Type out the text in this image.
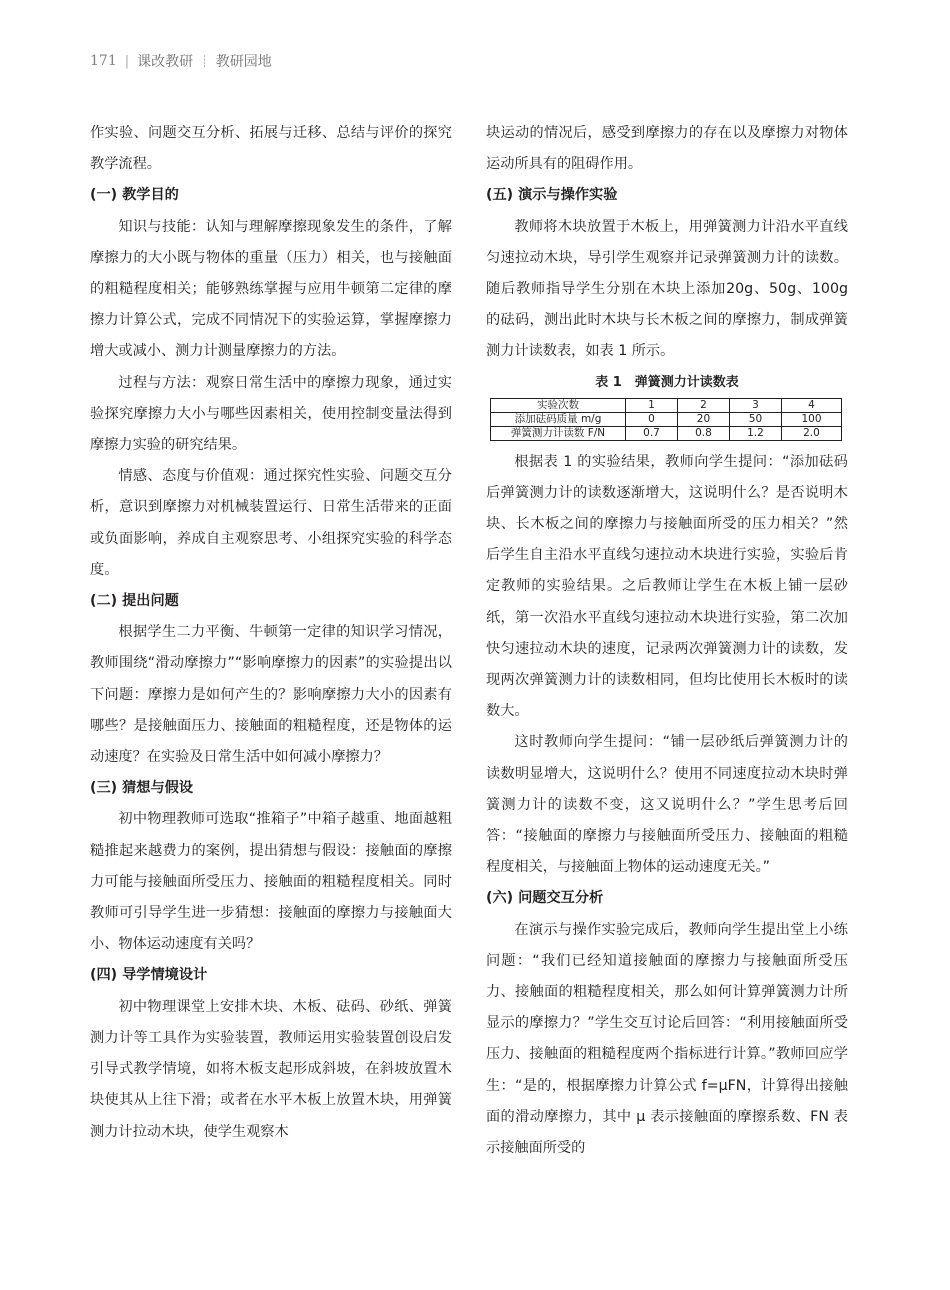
171 | 课改教研 ┊ 教研园地

作实验、问题交互分析、拓展与迁移、总结与评价的探究教学流程。

(一) 教学目的

知识与技能：认知与理解摩擦现象发生的条件，了解摩擦力的大小既与物体的重量（压力）相关，也与接触面的粗糙程度相关；能够熟练掌握与应用牛顿第二定律的摩擦力计算公式，完成不同情况下的实验运算，掌握摩擦力增大或减小、测力计测量摩擦力的方法。

过程与方法：观察日常生活中的摩擦力现象，通过实验探究摩擦力大小与哪些因素相关，使用控制变量法得到摩擦力实验的研究结果。

情感、态度与价值观：通过探究性实验、问题交互分析，意识到摩擦力对机械装置运行、日常生活带来的正面或负面影响，养成自主观察思考、小组探究实验的科学态度。

(二) 提出问题

根据学生二力平衡、牛顿第一定律的知识学习情况，教师围绕“滑动摩擦力”“影响摩擦力的因素”的实验提出以下问题：摩擦力是如何产生的？影响摩擦力大小的因素有哪些？是接触面压力、接触面的粗糙程度，还是物体的运动速度？在实验及日常生活中如何减小摩擦力？

(三) 猜想与假设

初中物理教师可选取“推箱子”中箱子越重、地面越粗糙推起来越费力的案例，提出猜想与假设：接触面的摩擦力可能与接触面所受压力、接触面的粗糙程度相关。同时教师可引导学生进一步猜想：接触面的摩擦力与接触面大小、物体运动速度有关吗？

(四) 导学情境设计

初中物理课堂上安排木块、木板、砝码、砂纸、弹簧测力计等工具作为实验装置，教师运用实验装置创设启发引导式教学情境，如将木板支起形成斜坡，在斜坡放置木块使其从上往下滑；或者在水平木板上放置木块，用弹簧测力计拉动木块，使学生观察木

块运动的情况后，感受到摩擦力的存在以及摩擦力对物体运动所具有的阻碍作用。

(五) 演示与操作实验

教师将木块放置于木板上，用弹簧测力计沿水平直线匀速拉动木块，导引学生观察并记录弹簧测力计的读数。随后教师指导学生分别在木块上添加20g、50g、100g 的砝码，测出此时木块与长木板之间的摩擦力，制成弹簧测力计读数表，如表 1 所示。

表 1　弹簧测力计读数表
实验次数	1	2	3	4
添加砝码质量 m/g	0	20	50	100
弹簧测力计读数 F/N	0.7	0.8	1.2	2.0

根据表 1 的实验结果，教师向学生提问：“添加砝码后弹簧测力计的读数逐渐增大，这说明什么？是否说明木块、长木板之间的摩擦力与接触面所受的压力相关？”然后学生自主沿水平直线匀速拉动木块进行实验，实验后肯定教师的实验结果。之后教师让学生在木板上铺一层砂纸，第一次沿水平直线匀速拉动木块进行实验，第二次加快匀速拉动木块的速度，记录两次弹簧测力计的读数，发现两次弹簧测力计的读数相同，但均比使用长木板时的读数大。

这时教师向学生提问：“铺一层砂纸后弹簧测力计的读数明显增大，这说明什么？使用不同速度拉动木块时弹簧测力计的读数不变，这又说明什么？”学生思考后回答：“接触面的摩擦力与接触面所受压力、接触面的粗糙程度相关，与接触面上物体的运动速度无关。”

(六) 问题交互分析

在演示与操作实验完成后，教师向学生提出堂上小练问题：“我们已经知道接触面的摩擦力与接触面所受压力、接触面的粗糙程度相关，那么如何计算弹簧测力计所显示的摩擦力？”学生交互讨论后回答：“利用接触面所受压力、接触面的粗糙程度两个指标进行计算。”教师回应学生：“是的，根据摩擦力计算公式 f=μFN，计算得出接触面的滑动摩擦力，其中 μ 表示接触面的摩擦系数、FN 表示接触面所受的
